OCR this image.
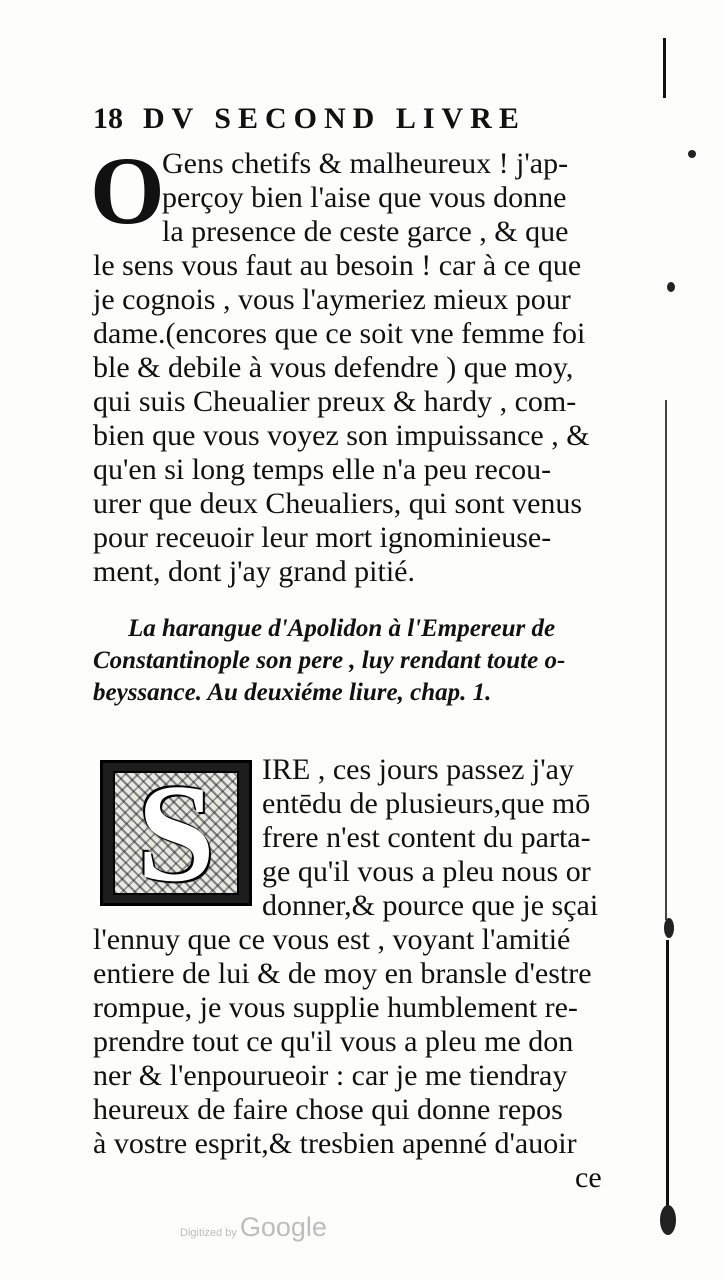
18 DV SECOND LIVRE
O
Gens chetifs & malheureux ! j'ap-
perçoy bien l'aise que vous donne
la presence de ceste garce , & que
le sens vous faut au besoin ! car à ce que
je cognois , vous l'aymeriez mieux pour
dame.(encores que ce soit vne femme foi
ble & debile à vous defendre ) que moy,
qui suis Cheualier preux & hardy , com-
bien que vous voyez son impuissance , &
qu'en si long temps elle n'a peu recou-
urer que deux Cheualiers, qui sont venus
pour receuoir leur mort ignominieuse-
ment, dont j'ay grand pitié.
La harangue d'Apolidon à l'Empereur de
Constantinople son pere , luy rendant toute o-
beyssance. Au deuxiéme liure, chap. 1.
S	IRE , ces jours passez j'ay
entēdu de plusieurs,que mō
frere n'est content du parta-
ge qu'il vous a pleu nous or
donner,& pource que je sçai
l'ennuy que ce vous est , voyant l'amitié
entiere de lui & de moy en bransle d'estre
rompue, je vous supplie humblement re-
prendre tout ce qu'il vous a pleu me don
ner & l'enpourueoir : car je me tiendray
heureux de faire chose qui donne repos
à vostre esprit,& tresbien apenné d'auoir
ce
Digitized by Google
